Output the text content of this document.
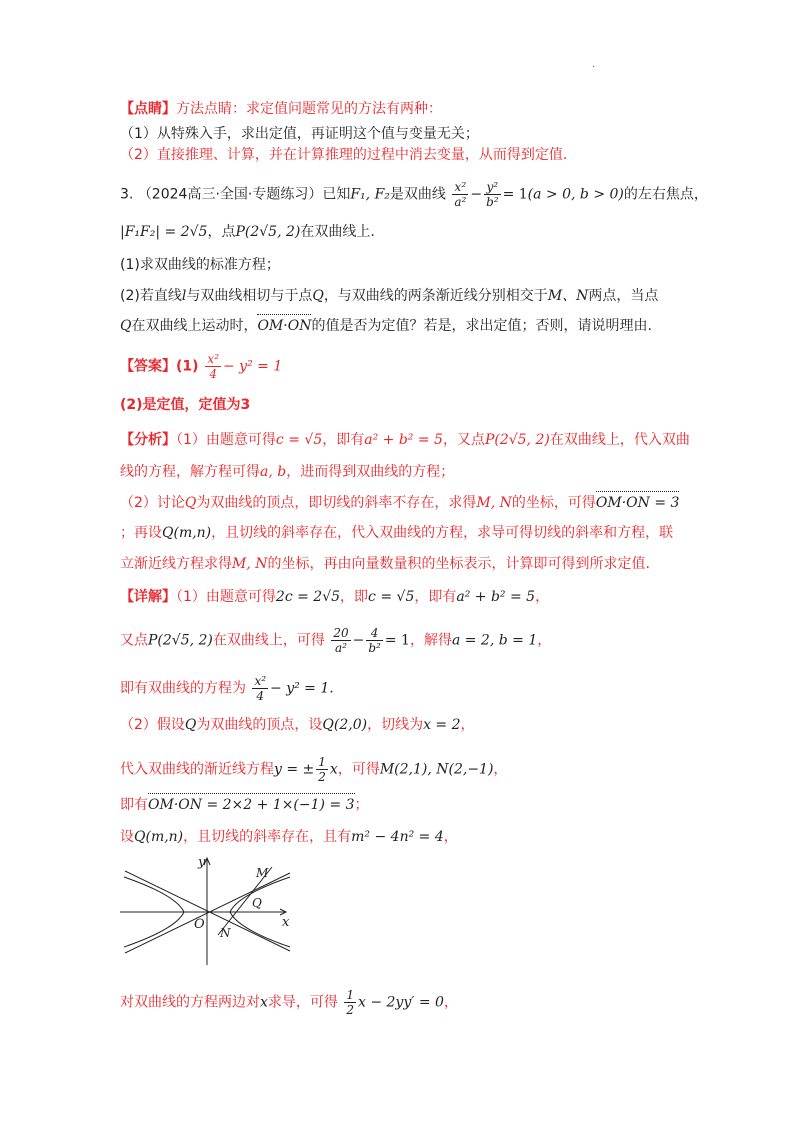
·
【点睛】方法点睛：求定值问题常见的方法有两种：
（1）从特殊入手，求出定值，再证明这个值与变量无关；
（2）直接推理、计算，并在计算推理的过程中消去变量，从而得到定值.
3. （2024高三·全国·专题练习）已知F₁, F₂是双曲线 $\frac{\text{x²}}{\text{a²}} - \frac{\text{y²}}{\text{b²}} = 1(a > 0$, b > 0)的左右焦点，
|F₁F₂| = 2√5，点P(2√5, 2)在双曲线上.
(1)求双曲线的标准方程；
(2)若直线l与双曲线相切与于点Q，与双曲线的两条渐近线分别相交于M、N两点，当点
Q在双曲线上运动时，OM·ON的值是否为定值？若是，求出定值；否则，请说明理由.
【答案】$(1) \frac{\text{x²}}{4} - y^2 = 1$
(2)是定值，定值为3
【分析】（1）由题意可得c = √5，即有a² + b² = 5，又点P(2√5, 2)在双曲线上，代入双曲
线的方程，解方程可得a, b，进而得到双曲线的方程；
（2）讨论Q为双曲线的顶点，即切线的斜率不存在，求得M, N的坐标，可得OM·ON = 3
；再设Q(m,n)，且切线的斜率存在，代入双曲线的方程，求导可得切线的斜率和方程，联
立渐近线方程求得M, N的坐标，再由向量数量积的坐标表示，计算即可得到所求定值.
【详解】（1）由题意可得2c = 2√5，即c = √5，即有a² + b² = 5，
又点P(2√5, 2)在双曲线上，可得 $\frac{20}{\text{a²}} - \frac{4}{\text{b²}} = 1$，解得a = 2, b = 1，
即有双曲线的方程为 $\frac{\text{x²}}{4} - y^2 = 1$.
（2）假设Q为双曲线的顶点，设Q(2,0)，切线为x = 2，
代入双曲线的渐近线方程y = ± $\frac{1}{2}$ x，可得M(2,1), N(2,−1)，
即有OM·ON = 2×2 + 1×(−1) = 3；
设Q(m,n)，且切线的斜率存在，且有m² − 4n² = 4，
y
x
O
M
N
Q
对双曲线的方程两边对x求导，可得 $\frac{1}{2}$ x − 2yy′ = 0，
